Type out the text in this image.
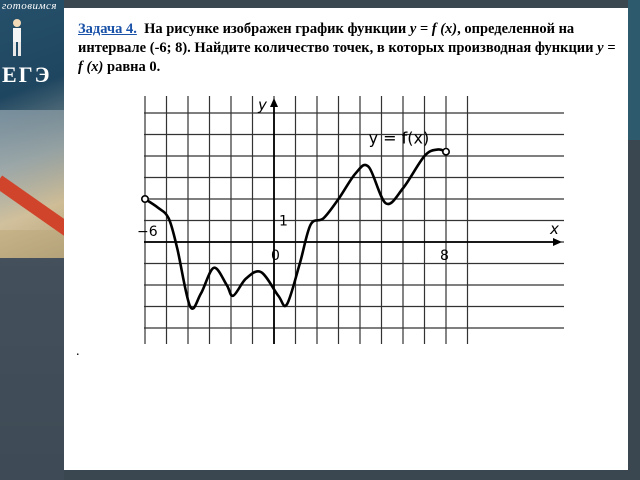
готовимся
ЕГЭ
Задача 4. На рисунке изображен график функции y = f (x), определенной на интервале (-6; 8). Найдите количество точек, в которых производная функции y = f (x) равна 0.
y
x
y = f(x)
−6
0	8
1
.
